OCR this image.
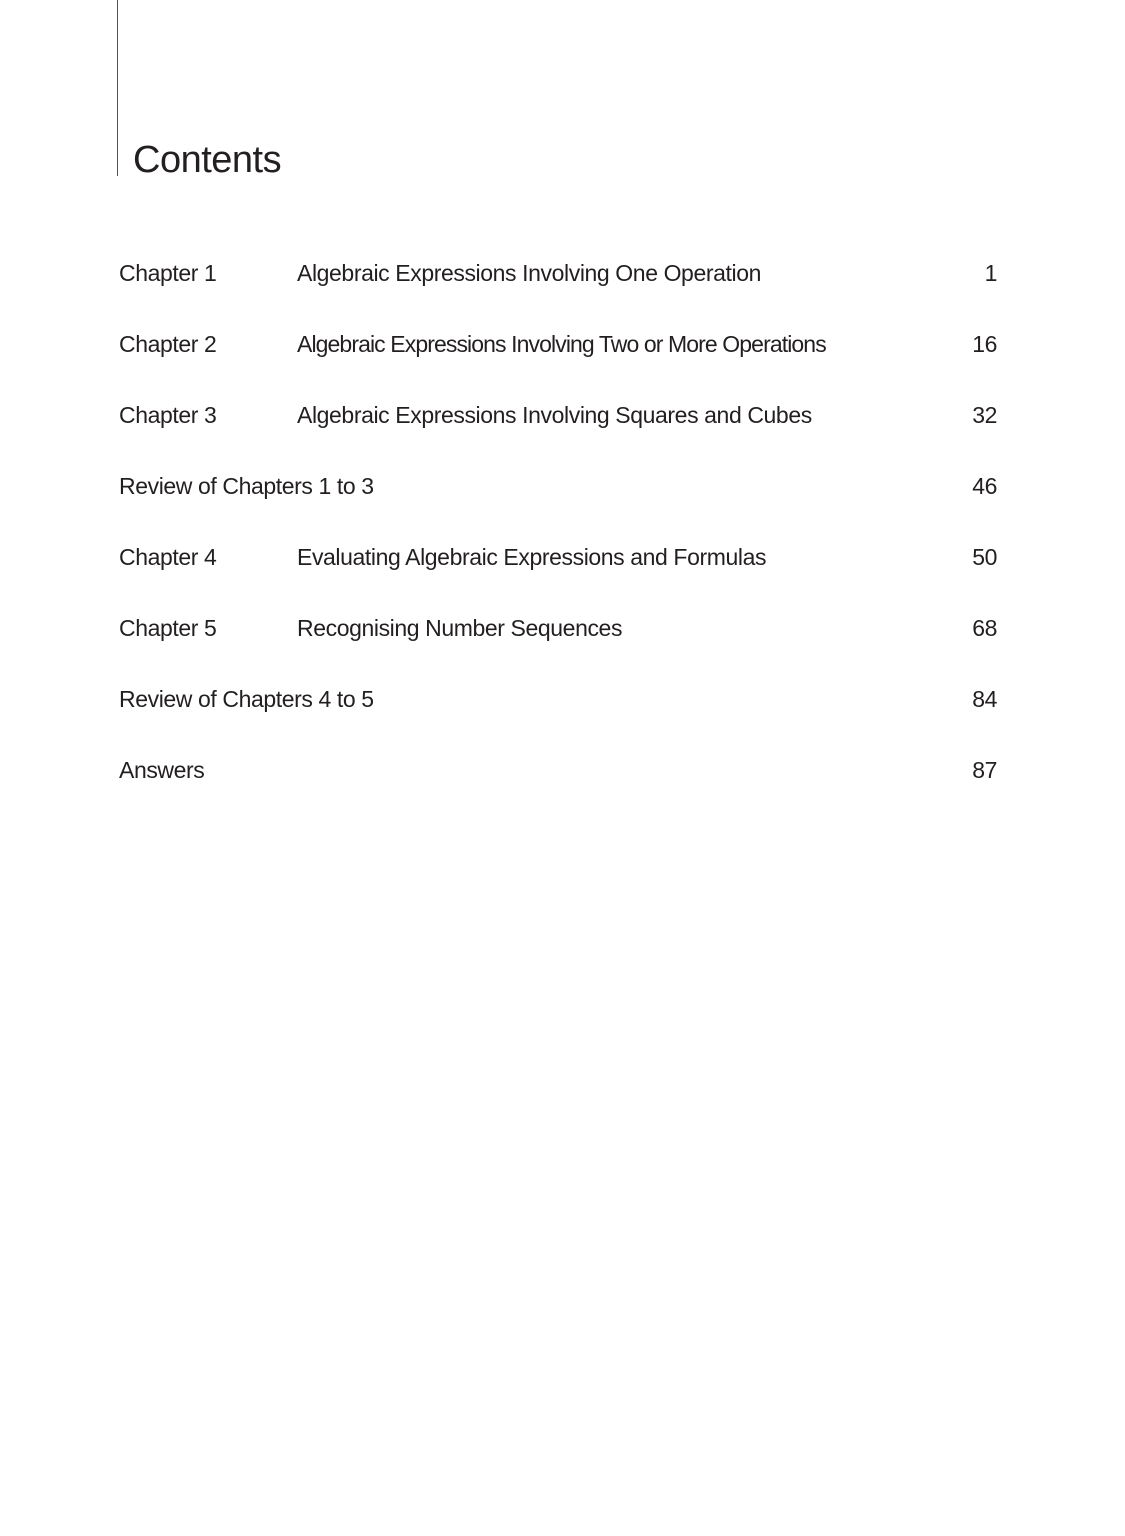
Contents
Chapter 1	Algebraic Expressions Involving One Operation	1
Chapter 2	Algebraic Expressions Involving Two or More Operations	16
Chapter 3	Algebraic Expressions Involving Squares and Cubes	32
Review of Chapters 1 to 3	46
Chapter 4	Evaluating Algebraic Expressions and Formulas	50
Chapter 5	Recognising Number Sequences	68
Review of Chapters 4 to 5	84
Answers	87
